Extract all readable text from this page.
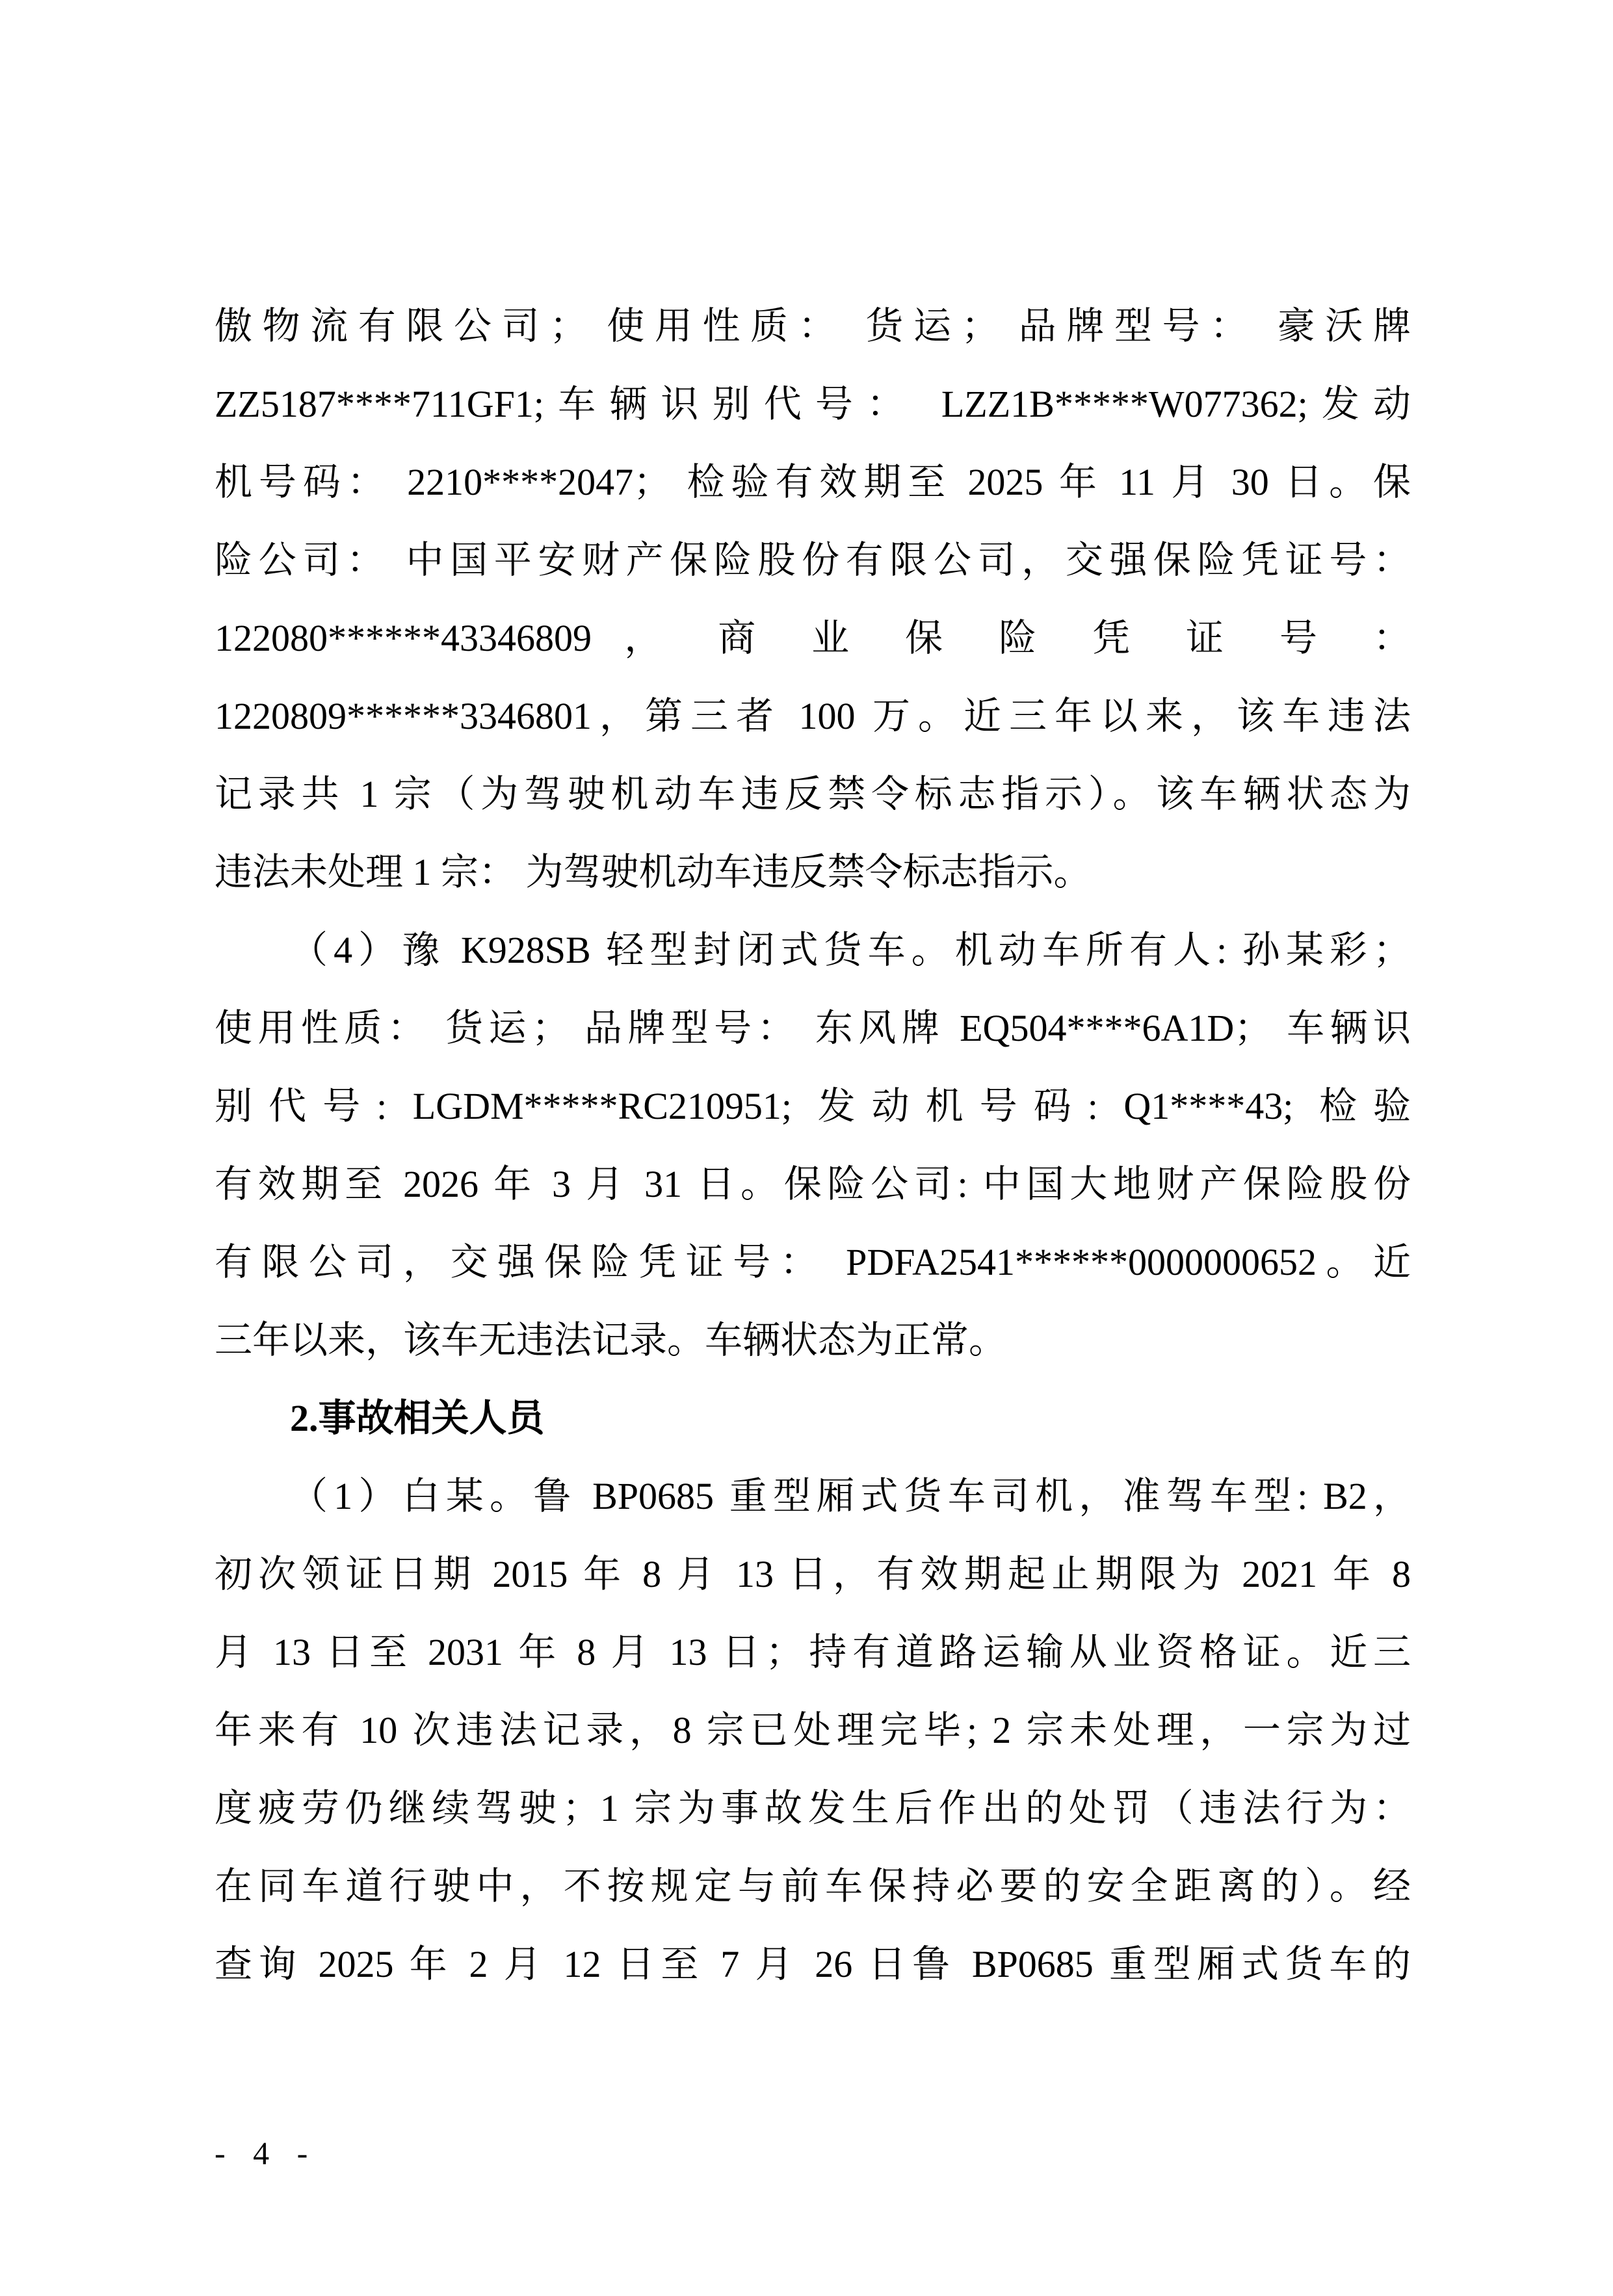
傲物流有限公司； 使用性质： 货运； 品牌型号： 豪沃牌
ZZ5187****711GF1;车辆识别代号： LZZ1B*****W077362;发动
机号码： 2210****2047； 检验有效期至 2025 年 11 月 30 日。保
险公司： 中国平安财产保险股份有限公司，交强保险凭证号：
122080******43346809 ， 商 业 保 险 凭 证 号 ：
1220809******3346801，第三者 100 万。近三年以来，该车违法
记录共 1 宗（为驾驶机动车违反禁令标志指示）。该车辆状态为
违法未处理 1 宗： 为驾驶机动车违反禁令标志指示。
（4）豫 K928SB 轻型封闭式货车。机动车所有人: 孙某彩；
使用性质： 货运； 品牌型号： 东风牌 EQ504****6A1D； 车辆识
别代号: LGDM*****RC210951; 发动机号码: Q1****43; 检验
有效期至 2026 年 3 月 31 日。保险公司: 中国大地财产保险股份
有限公司，交强保险凭证号： PDFA2541******0000000652。近
三年以来，该车无违法记录。车辆状态为正常。
2.事故相关人员
（1）白某。鲁 BP0685 重型厢式货车司机，准驾车型: B2，
初次领证日期 2015 年 8 月 13 日，有效期起止期限为 2021 年 8
月 13 日至 2031 年 8 月 13 日；持有道路运输从业资格证。近三
年来有 10 次违法记录，8 宗已处理完毕; 2 宗未处理，一宗为过
度疲劳仍继续驾驶；1 宗为事故发生后作出的处罚（违法行为：
在同车道行驶中，不按规定与前车保持必要的安全距离的）。经
查询 2025 年 2 月 12 日至 7 月 26 日鲁 BP0685 重型厢式货车的
- 4 -
